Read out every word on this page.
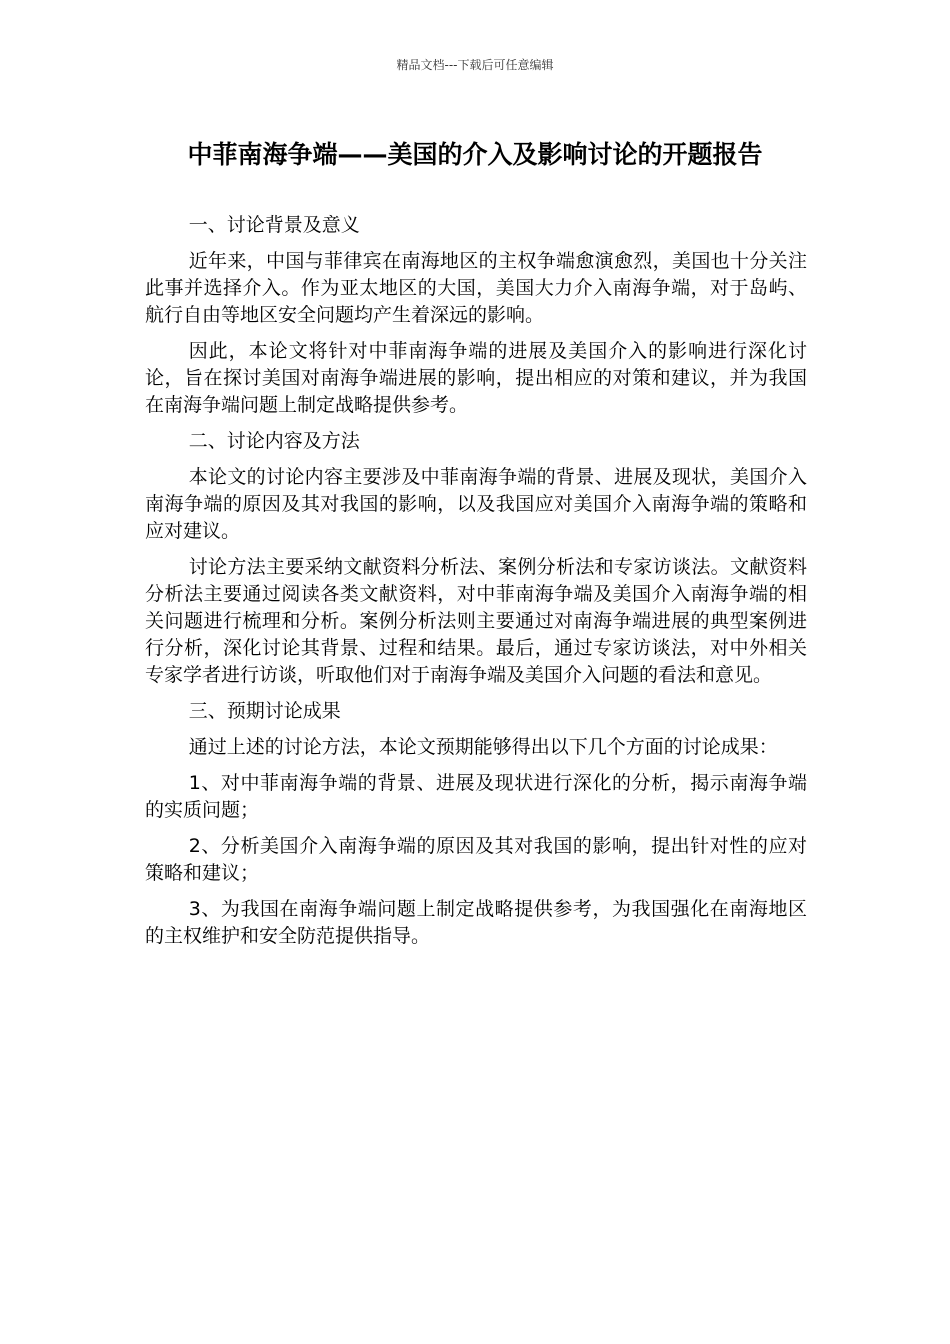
精品文档---下载后可任意编辑
中菲南海争端——美国的介入及影响讨论的开题报告

一、讨论背景及意义

近年来，中国与菲律宾在南海地区的主权争端愈演愈烈，美国也十分关注此事并选择介入。作为亚太地区的大国，美国大力介入南海争端，对于岛屿、航行自由等地区安全问题均产生着深远的影响。

因此，本论文将针对中菲南海争端的进展及美国介入的影响进行深化讨论，旨在探讨美国对南海争端进展的影响，提出相应的对策和建议，并为我国在南海争端问题上制定战略提供参考。

二、讨论内容及方法

本论文的讨论内容主要涉及中菲南海争端的背景、进展及现状，美国介入南海争端的原因及其对我国的影响，以及我国应对美国介入南海争端的策略和应对建议。

讨论方法主要采纳文献资料分析法、案例分析法和专家访谈法。文献资料分析法主要通过阅读各类文献资料，对中菲南海争端及美国介入南海争端的相关问题进行梳理和分析。案例分析法则主要通过对南海争端进展的典型案例进行分析，深化讨论其背景、过程和结果。最后，通过专家访谈法，对中外相关专家学者进行访谈，听取他们对于南海争端及美国介入问题的看法和意见。

三、预期讨论成果

通过上述的讨论方法，本论文预期能够得出以下几个方面的讨论成果：

1、对中菲南海争端的背景、进展及现状进行深化的分析，揭示南海争端的实质问题；

2、分析美国介入南海争端的原因及其对我国的影响，提出针对性的应对策略和建议；

3、为我国在南海争端问题上制定战略提供参考，为我国强化在南海地区的主权维护和安全防范提供指导。
